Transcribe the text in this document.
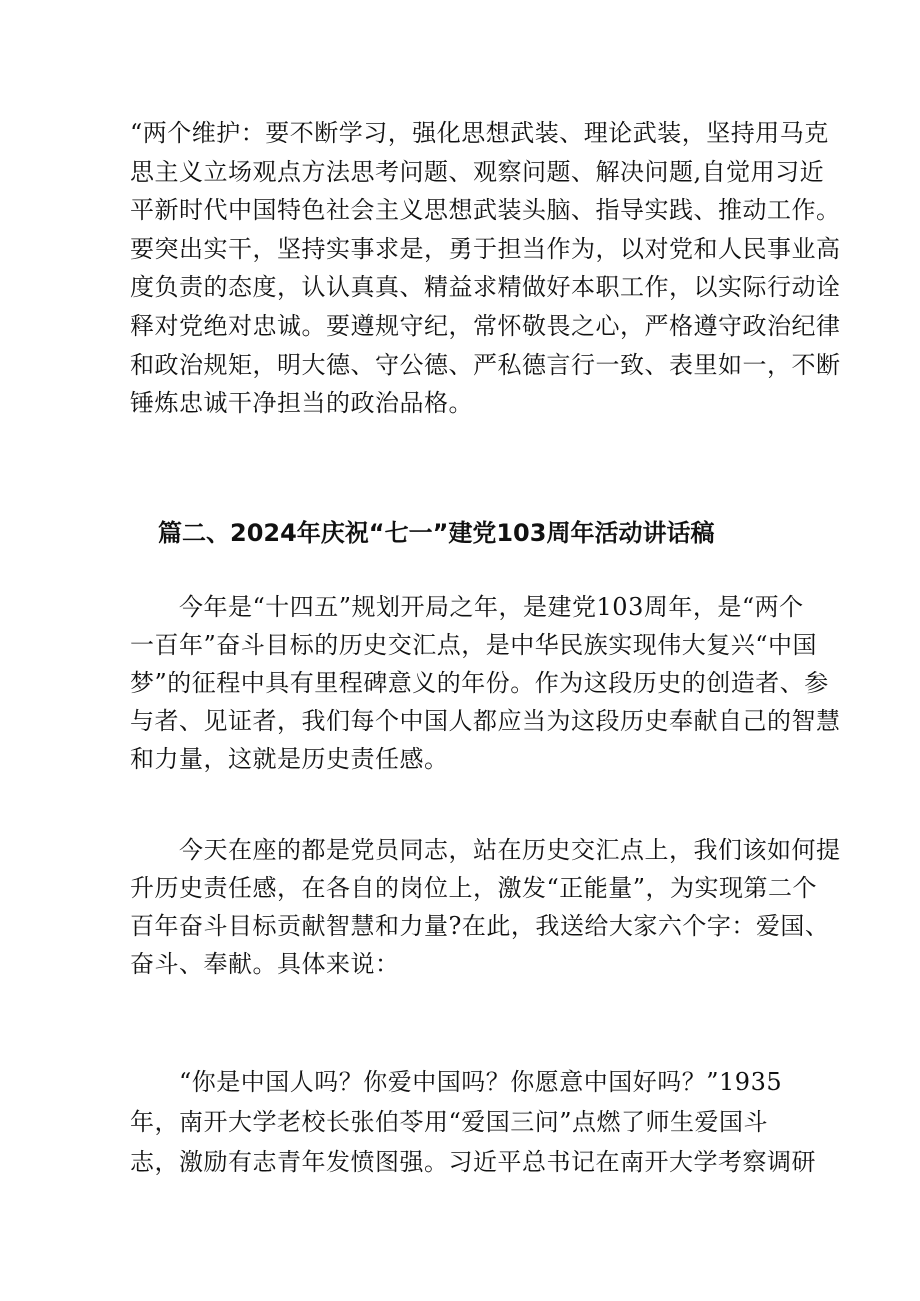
“两个维护：要不断学习，强化思想武装、理论武装，坚持用马克
思主义立场观点方法思考问题、观察问题、解决问题,自觉用习近
平新时代中国特色社会主义思想武装头脑、指导实践、推动工作。
要突出实干，坚持实事求是，勇于担当作为，以对党和人民事业高
度负责的态度，认认真真、精益求精做好本职工作，以实际行动诠
释对党绝对忠诚。要遵规守纪，常怀敬畏之心，严格遵守政治纪律
和政治规矩，明大德、守公德、严私德言行一致、表里如一，不断
锤炼忠诚干净担当的政治品格。
篇二、2024年庆祝“七一”建党103周年活动讲话稿
　　今年是“十四五”规划开局之年，是建党103周年，是“两个
一百年”奋斗目标的历史交汇点，是中华民族实现伟大复兴“中国
梦”的征程中具有里程碑意义的年份。作为这段历史的创造者、参
与者、见证者，我们每个中国人都应当为这段历史奉献自己的智慧
和力量，这就是历史责任感。
　　今天在座的都是党员同志，站在历史交汇点上，我们该如何提
升历史责任感，在各自的岗位上，激发“正能量”，为实现第二个
百年奋斗目标贡献智慧和力量?在此，我送给大家六个字：爱国、
奋斗、奉献。具体来说：
　　“你是中国人吗？你爱中国吗？你愿意中国好吗？”1935
年，南开大学老校长张伯苓用“爱国三问”点燃了师生爱国斗
志，激励有志青年发愤图强。习近平总书记在南开大学考察调研
